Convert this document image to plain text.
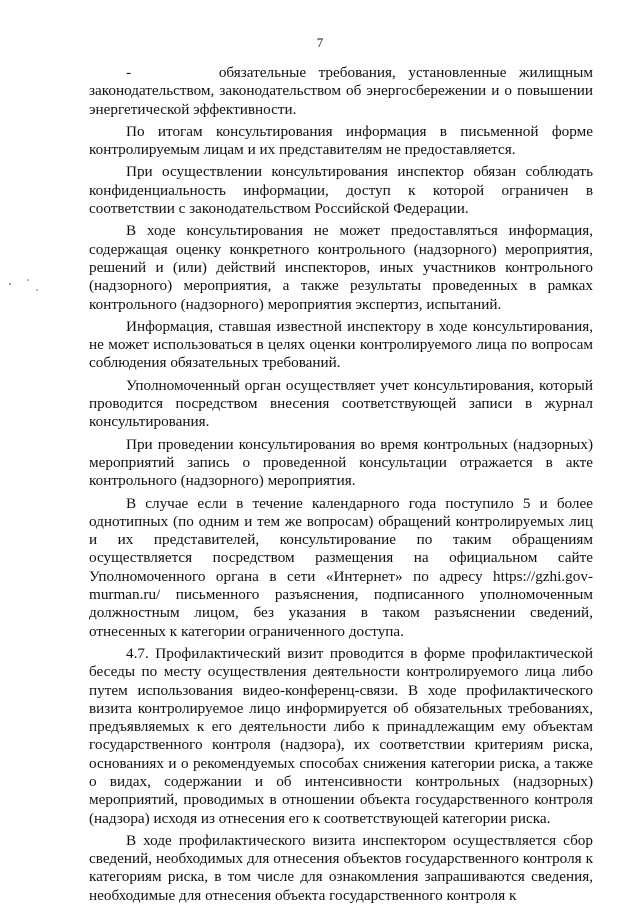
7

-       обязательные требования, установленные жилищным законодательством, законодательством об энергосбережении и о повышении энергетической эффективности.

По итогам консультирования информация в письменной форме контролируемым лицам и их представителям не предоставляется.

При осуществлении консультирования инспектор обязан соблюдать конфиденциальность информации, доступ к которой ограничен в соответствии с законодательством Российской Федерации.

В ходе консультирования не может предоставляться информация, содержащая оценку конкретного контрольного (надзорного) мероприятия, решений и (или) действий инспекторов, иных участников контрольного (надзорного) мероприятия, а также результаты проведенных в рамках контрольного (надзорного) мероприятия экспертиз, испытаний.

Информация, ставшая известной инспектору в ходе консультирования, не может использоваться в целях оценки контролируемого лица по вопросам соблюдения обязательных требований.

Уполномоченный орган осуществляет учет консультирования, который проводится посредством внесения соответствующей записи в журнал консультирования.

При проведении консультирования во время контрольных (надзорных) мероприятий запись о проведенной консультации отражается в акте контрольного (надзорного) мероприятия.

В случае если в течение календарного года поступило 5 и более однотипных (по одним и тем же вопросам) обращений контролируемых лиц и их представителей, консультирование по таким обращениям осуществляется посредством размещения на официальном сайте Уполномоченного органа в сети «Интернет» по адресу https://gzhi.gov-murman.ru/ письменного разъяснения, подписанного уполномоченным должностным лицом, без указания в таком разъяснении сведений, отнесенных к категории ограниченного доступа.

4.7. Профилактический визит проводится в форме профилактической беседы по месту осуществления деятельности контролируемого лица либо путем использования видео-конференц-связи. В ходе профилактического визита контролируемое лицо информируется об обязательных требованиях, предъявляемых к его деятельности либо к принадлежащим ему объектам государственного контроля (надзора), их соответствии критериям риска, основаниях и о рекомендуемых способах снижения категории риска, а также о видах, содержании и об интенсивности контрольных (надзорных) мероприятий, проводимых в отношении объекта государственного контроля (надзора) исходя из отнесения его к соответствующей категории риска.

В ходе профилактического визита инспектором осуществляется сбор сведений, необходимых для отнесения объектов государственного контроля к категориям риска, в том числе для ознакомления запрашиваются сведения, необходимые для отнесения объекта государственного контроля к
